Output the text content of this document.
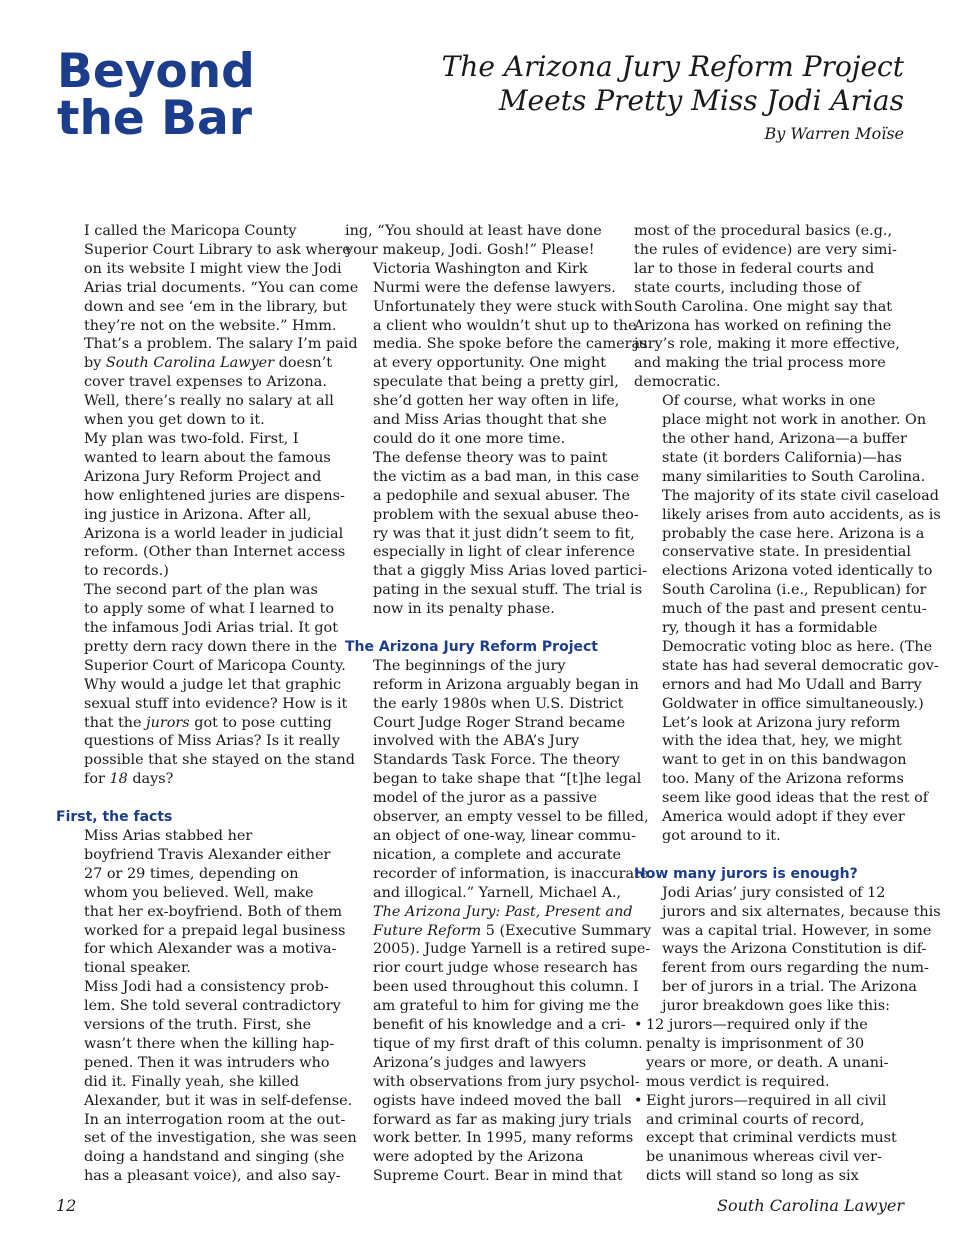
Beyond
the Bar
The Arizona Jury Reform Project
Meets Pretty Miss Jodi Arias
By Warren Moïse

I called the Maricopa County
Superior Court Library to ask where
on its website I might view the Jodi
Arias trial documents. “You can come
down and see ‘em in the library, but
they’re not on the website.” Hmm.
That’s a problem. The salary I’m paid
by South Carolina Lawyer doesn’t
cover travel expenses to Arizona.
Well, there’s really no salary at all
when you get down to it.

My plan was two-fold. First, I
wanted to learn about the famous
Arizona Jury Reform Project and
how enlightened juries are dispens-
ing justice in Arizona. After all,
Arizona is a world leader in judicial
reform. (Other than Internet access
to records.)

The second part of the plan was
to apply some of what I learned to
the infamous Jodi Arias trial. It got
pretty dern racy down there in the
Superior Court of Maricopa County.
Why would a judge let that graphic
sexual stuff into evidence? How is it
that the jurors got to pose cutting
questions of Miss Arias? Is it really
possible that she stayed on the stand
for 18 days?

First, the facts

Miss Arias stabbed her
boyfriend Travis Alexander either
27 or 29 times, depending on
whom you believed. Well, make
that her ex-boyfriend. Both of them
worked for a prepaid legal business
for which Alexander was a motiva-
tional speaker.

Miss Jodi had a consistency prob-
lem. She told several contradictory
versions of the truth. First, she
wasn’t there when the killing hap-
pened. Then it was intruders who
did it. Finally yeah, she killed
Alexander, but it was in self-defense.
In an interrogation room at the out-
set of the investigation, she was seen
doing a handstand and singing (she
has a pleasant voice), and also say-

ing, “You should at least have done
your makeup, Jodi. Gosh!” Please!

Victoria Washington and Kirk
Nurmi were the defense lawyers.
Unfortunately they were stuck with
a client who wouldn’t shut up to the
media. She spoke before the cameras
at every opportunity. One might
speculate that being a pretty girl,
she’d gotten her way often in life,
and Miss Arias thought that she
could do it one more time.

The defense theory was to paint
the victim as a bad man, in this case
a pedophile and sexual abuser. The
problem with the sexual abuse theo-
ry was that it just didn’t seem to fit,
especially in light of clear inference
that a giggly Miss Arias loved partici-
pating in the sexual stuff. The trial is
now in its penalty phase.

The Arizona Jury Reform Project

The beginnings of the jury
reform in Arizona arguably began in
the early 1980s when U.S. District
Court Judge Roger Strand became
involved with the ABA’s Jury
Standards Task Force. The theory
began to take shape that “[t]he legal
model of the juror as a passive
observer, an empty vessel to be filled,
an object of one-way, linear commu-
nication, a complete and accurate
recorder of information, is inaccurate
and illogical.” Yarnell, Michael A.,
The Arizona Jury: Past, Present and
Future Reform 5 (Executive Summary
2005). Judge Yarnell is a retired supe-
rior court judge whose research has
been used throughout this column. I
am grateful to him for giving me the
benefit of his knowledge and a cri-
tique of my first draft of this column.

Arizona’s judges and lawyers
with observations from jury psychol-
ogists have indeed moved the ball
forward as far as making jury trials
work better. In 1995, many reforms
were adopted by the Arizona
Supreme Court. Bear in mind that

most of the procedural basics (e.g.,
the rules of evidence) are very simi-
lar to those in federal courts and
state courts, including those of
South Carolina. One might say that
Arizona has worked on refining the
jury’s role, making it more effective,
and making the trial process more
democratic.

Of course, what works in one
place might not work in another. On
the other hand, Arizona—a buffer
state (it borders California)—has
many similarities to South Carolina.
The majority of its state civil caseload
likely arises from auto accidents, as is
probably the case here. Arizona is a
conservative state. In presidential
elections Arizona voted identically to
South Carolina (i.e., Republican) for
much of the past and present centu-
ry, though it has a formidable
Democratic voting bloc as here. (The
state has had several democratic gov-
ernors and had Mo Udall and Barry
Goldwater in office simultaneously.)

Let’s look at Arizona jury reform
with the idea that, hey, we might
want to get in on this bandwagon
too. Many of the Arizona reforms
seem like good ideas that the rest of
America would adopt if they ever
got around to it.

How many jurors is enough?

Jodi Arias’ jury consisted of 12
jurors and six alternates, because this
was a capital trial. However, in some
ways the Arizona Constitution is dif-
ferent from ours regarding the num-
ber of jurors in a trial. The Arizona
juror breakdown goes like this:

• 12 jurors—required only if the
penalty is imprisonment of 30
years or more, or death. A unani-
mous verdict is required.

• Eight jurors—required in all civil
and criminal courts of record,
except that criminal verdicts must
be unanimous whereas civil ver-
dicts will stand so long as six

12	South Carolina Lawyer
